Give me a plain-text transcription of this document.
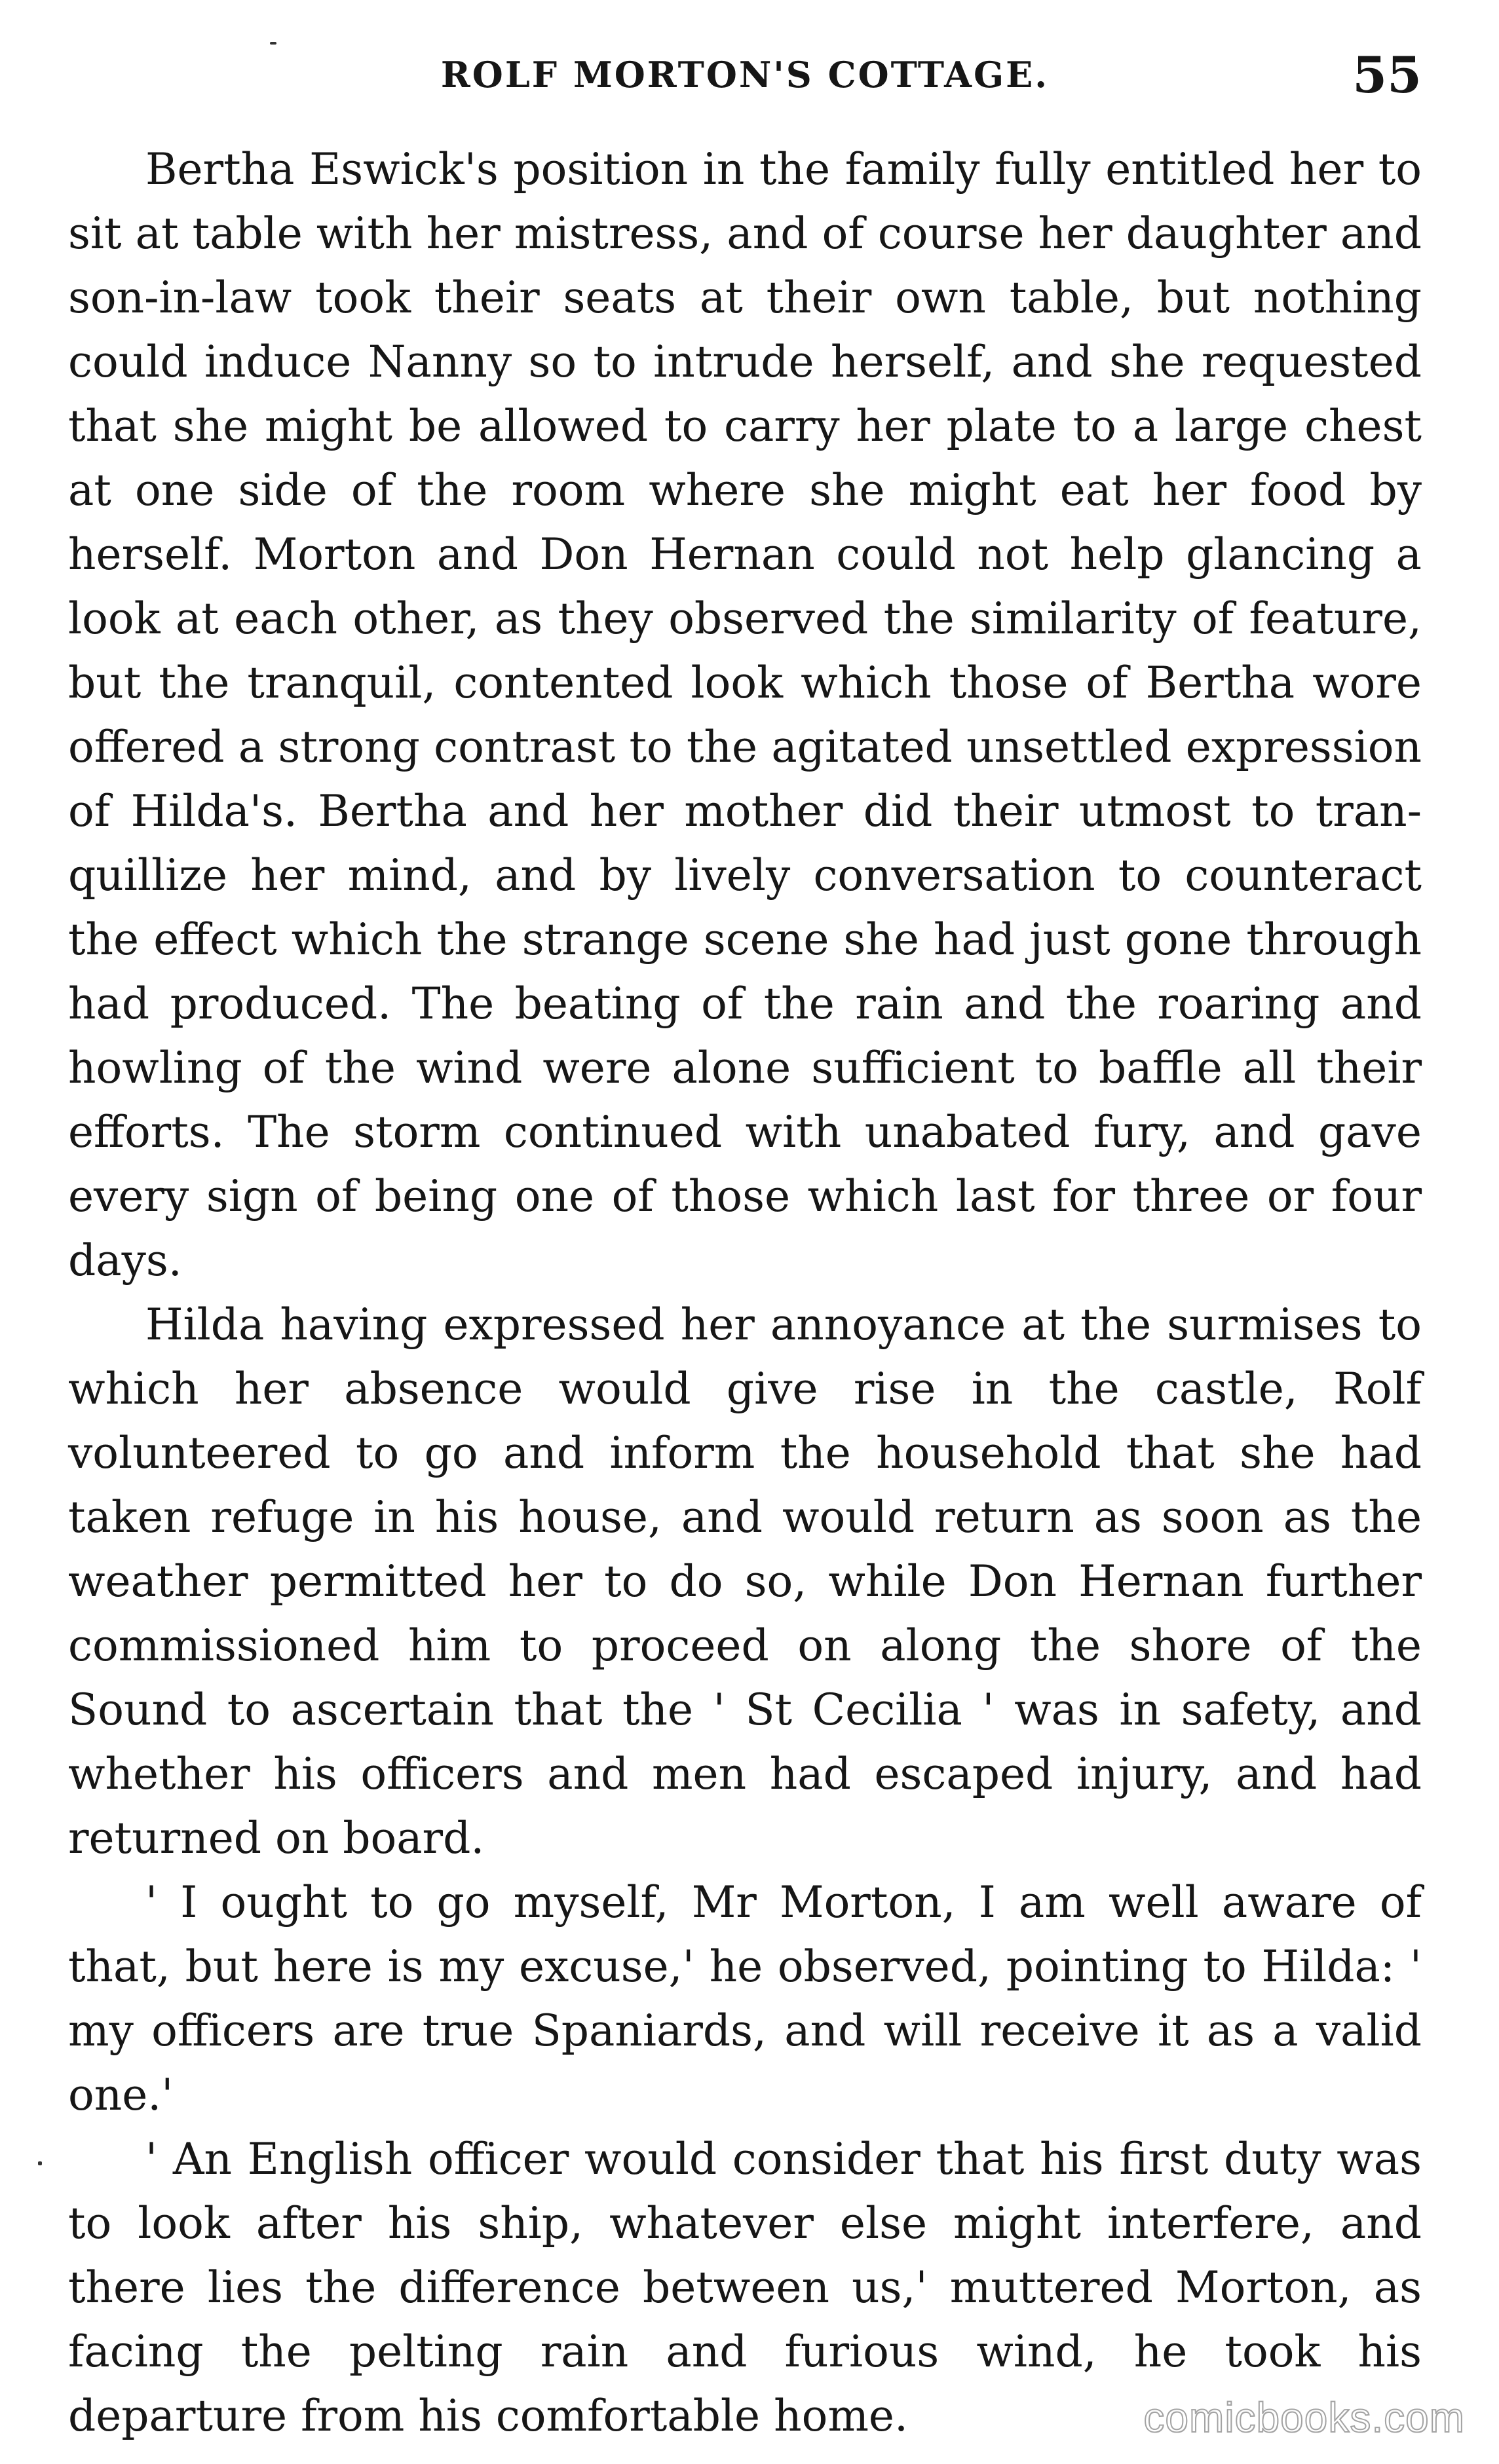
ROLF MORTON'S COTTAGE.	55

Bertha Eswick's position in the family fully entitled her to sit at table with her mistress, and of course her daughter and son-in-law took their seats at their own table, but nothing could induce Nanny so to intrude herself, and she requested that she might be allowed to carry her plate to a large chest at one side of the room where she might eat her food by herself. Morton and Don Hernan could not help glancing a look at each other, as they observed the similarity of feature, but the tranquil, contented look which those of Bertha wore offered a strong contrast to the agitated unsettled expression of Hilda's. Bertha and her mother did their utmost to tranquillize her mind, and by lively conversation to counteract the effect which the strange scene she had just gone through had produced. The beating of the rain and the roaring and howling of the wind were alone sufficient to baffle all their efforts. The storm continued with unabated fury, and gave every sign of being one of those which last for three or four days.

Hilda having expressed her annoyance at the surmises to which her absence would give rise in the castle, Rolf volunteered to go and inform the household that she had taken refuge in his house, and would return as soon as the weather permitted her to do so, while Don Hernan further commissioned him to proceed on along the shore of the Sound to ascertain that the ' St Cecilia ' was in safety, and whether his officers and men had escaped injury, and had returned on board.

' I ought to go myself, Mr Morton, I am well aware of that, but here is my excuse,' he observed, pointing to Hilda: ' my officers are true Spaniards, and will receive it as a valid one.'

' An English officer would consider that his first duty was to look after his ship, whatever else might interfere, and there lies the difference between us,' muttered Morton, as facing the pelting rain and furious wind, he took his departure from his comfortable home.	comicbooks.com
